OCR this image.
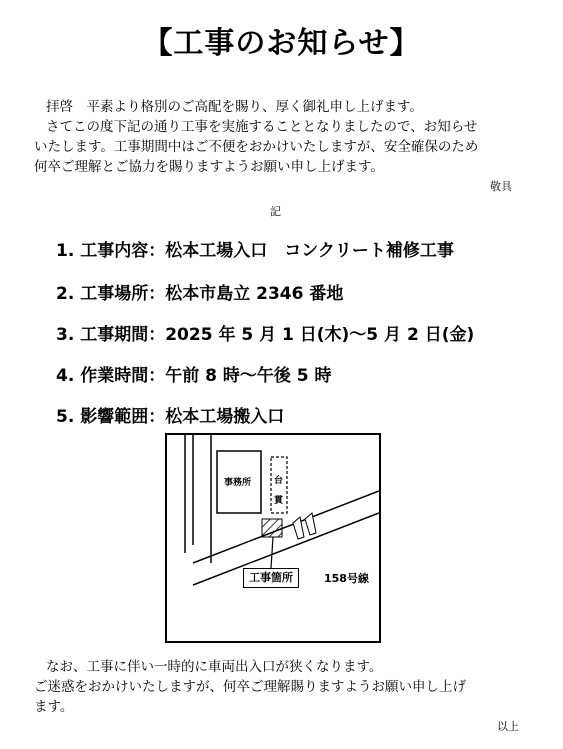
【工事のお知らせ】
拝啓　平素より格別のご高配を賜り、厚く御礼申し上げます。
さてこの度下記の通り工事を実施することとなりましたので、お知らせ
いたします。工事期間中はご不便をおかけいたしますが、安全確保のため
何卒ご理解とご協力を賜りますようお願い申し上げます。
敬具
記
1. 工事内容：松本工場入口　コンクリート補修工事
2. 工事場所：松本市島立 2346 番地
3. 工事期間：2025 年 5 月 1 日(木)～5 月 2 日(金)
4. 作業時間：午前 8 時～午後 5 時
5. 影響範囲：松本工場搬入口
事務所	台
貫
工事箇所	158号線
なお、工事に伴い一時的に車両出入口が狭くなります。
ご迷惑をおかけいたしますが、何卒ご理解賜りますようお願い申し上げ
ます。
以上
